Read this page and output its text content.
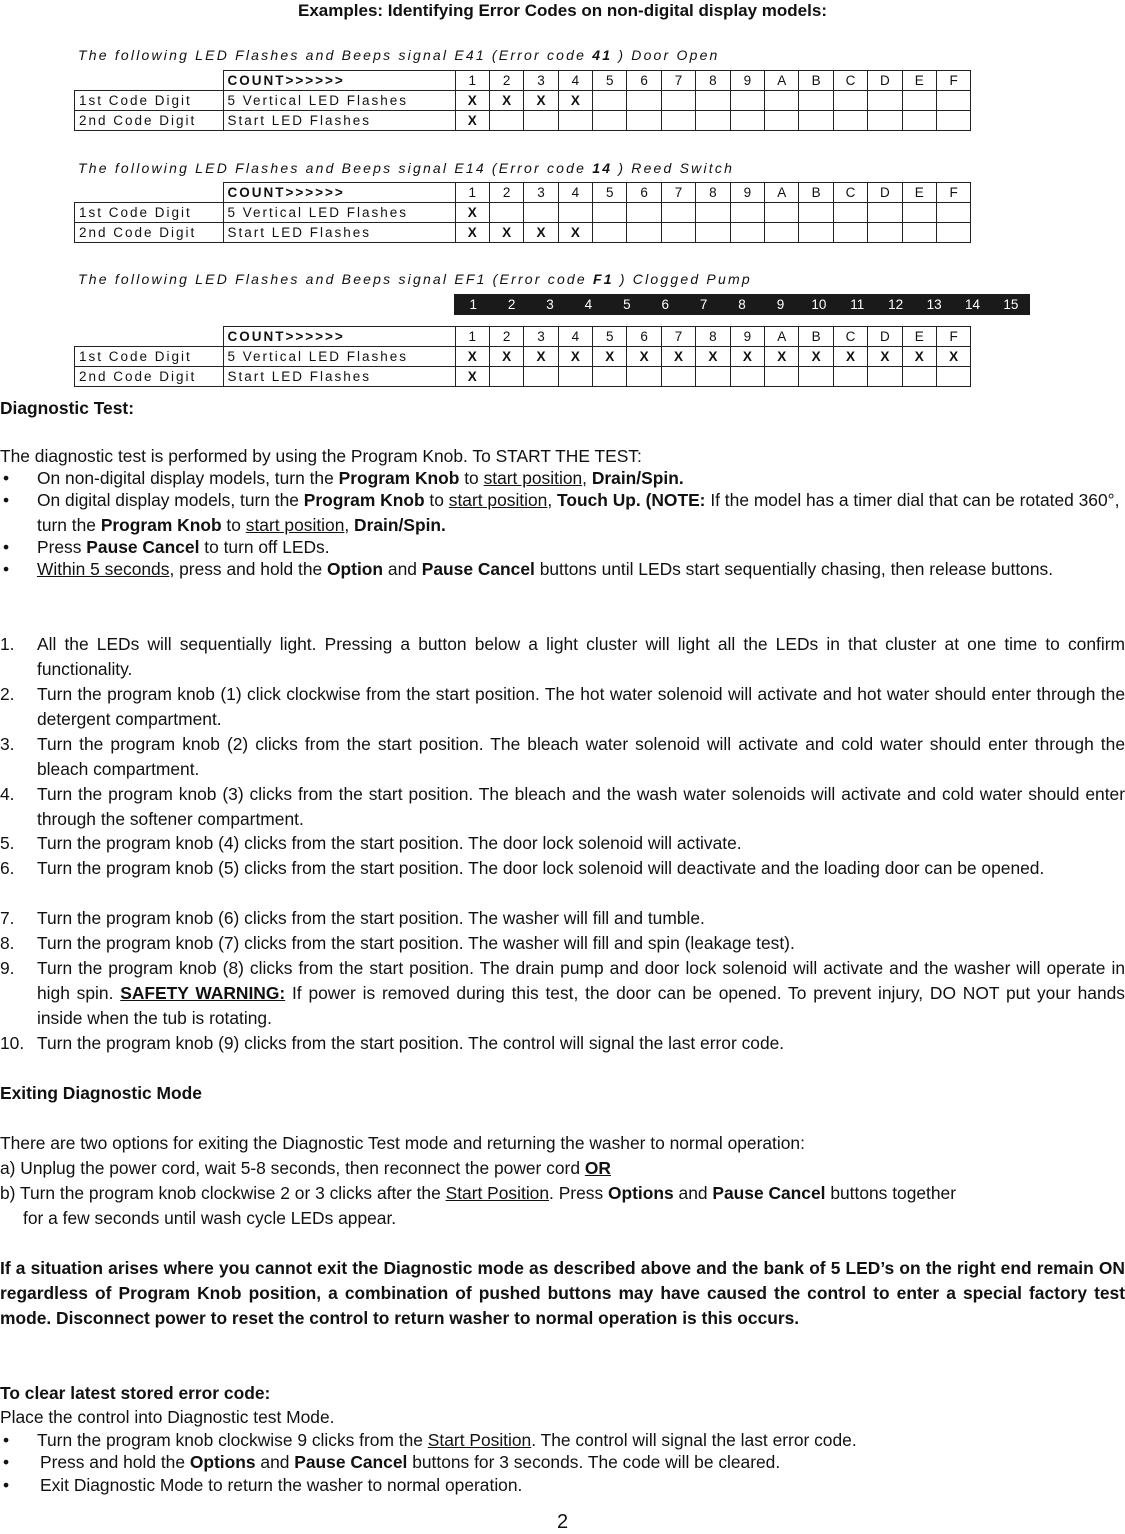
Examples: Identifying Error Codes on non-digital display models:
The following LED Flashes and Beeps signal E41 (Error code 41 ) Door Open
	COUNT>>>>>>	1	2	3	4	5	6	7	8	9	A	B	C	D	E	F
1st Code Digit	5 Vertical LED Flashes	X	X	X	X											
2nd Code Digit	Start LED Flashes	X														
The following LED Flashes and Beeps signal E14 (Error code 14 ) Reed Switch
	COUNT>>>>>>	1	2	3	4	5	6	7	8	9	A	B	C	D	E	F
1st Code Digit	5 Vertical LED Flashes	X														
2nd Code Digit	Start LED Flashes	X	X	X	X											
The following LED Flashes and Beeps signal EF1 (Error code F1 ) Clogged Pump
1	2	3	4	5	6	7	8	9	10	11	12	13	14	15
	COUNT>>>>>>	1	2	3	4	5	6	7	8	9	A	B	C	D	E	F
1st Code Digit	5 Vertical LED Flashes	X	X	X	X	X	X	X	X	X	X	X	X	X	X	X
2nd Code Digit	Start LED Flashes	X														
Diagnostic Test:
The diagnostic test is performed by using the Program Knob. To START THE TEST:
• On non-digital display models, turn the Program Knob to start position, Drain/Spin.
• On digital display models, turn the Program Knob to start position, Touch Up. (NOTE: If the model has a timer dial that can be rotated 360°, turn the Program Knob to start position, Drain/Spin.
• Press Pause Cancel to turn off LEDs.
• Within 5 seconds, press and hold the Option and Pause Cancel buttons until LEDs start sequentially chasing, then release buttons.
1. All the LEDs will sequentially light. Pressing a button below a light cluster will light all the LEDs in that cluster at one time to confirm functionality.
2. Turn the program knob (1) click clockwise from the start position. The hot water solenoid will activate and hot water should enter through the detergent compartment.
3. Turn the program knob (2) clicks from the start position. The bleach water solenoid will activate and cold water should enter through the bleach compartment.
4. Turn the program knob (3) clicks from the start position. The bleach and the wash water solenoids will activate and cold water should enter through the softener compartment.
5. Turn the program knob (4) clicks from the start position. The door lock solenoid will activate.
6. Turn the program knob (5) clicks from the start position. The door lock solenoid will deactivate and the loading door can be opened.
7. Turn the program knob (6) clicks from the start position. The washer will fill and tumble.
8. Turn the program knob (7) clicks from the start position. The washer will fill and spin (leakage test).
9. Turn the program knob (8) clicks from the start position. The drain pump and door lock solenoid will activate and the washer will operate in high spin. SAFETY WARNING: If power is removed during this test, the door can be opened. To prevent injury, DO NOT put your hands inside when the tub is rotating.
10. Turn the program knob (9) clicks from the start position. The control will signal the last error code.
Exiting Diagnostic Mode
There are two options for exiting the Diagnostic Test mode and returning the washer to normal operation:
a) Unplug the power cord, wait 5-8 seconds, then reconnect the power cord OR
b) Turn the program knob clockwise 2 or 3 clicks after the Start Position. Press Options and Pause Cancel buttons together
for a few seconds until wash cycle LEDs appear.
If a situation arises where you cannot exit the Diagnostic mode as described above and the bank of 5 LED’s on the right end remain ON regardless of Program Knob position, a combination of pushed buttons may have caused the control to enter a special factory test mode. Disconnect power to reset the control to return washer to normal operation is this occurs.
To clear latest stored error code:
Place the control into Diagnostic test Mode.
• Turn the program knob clockwise 9 clicks from the Start Position. The control will signal the last error code.
• Press and hold the Options and Pause Cancel buttons for 3 seconds. The code will be cleared.
• Exit Diagnostic Mode to return the washer to normal operation.
2
